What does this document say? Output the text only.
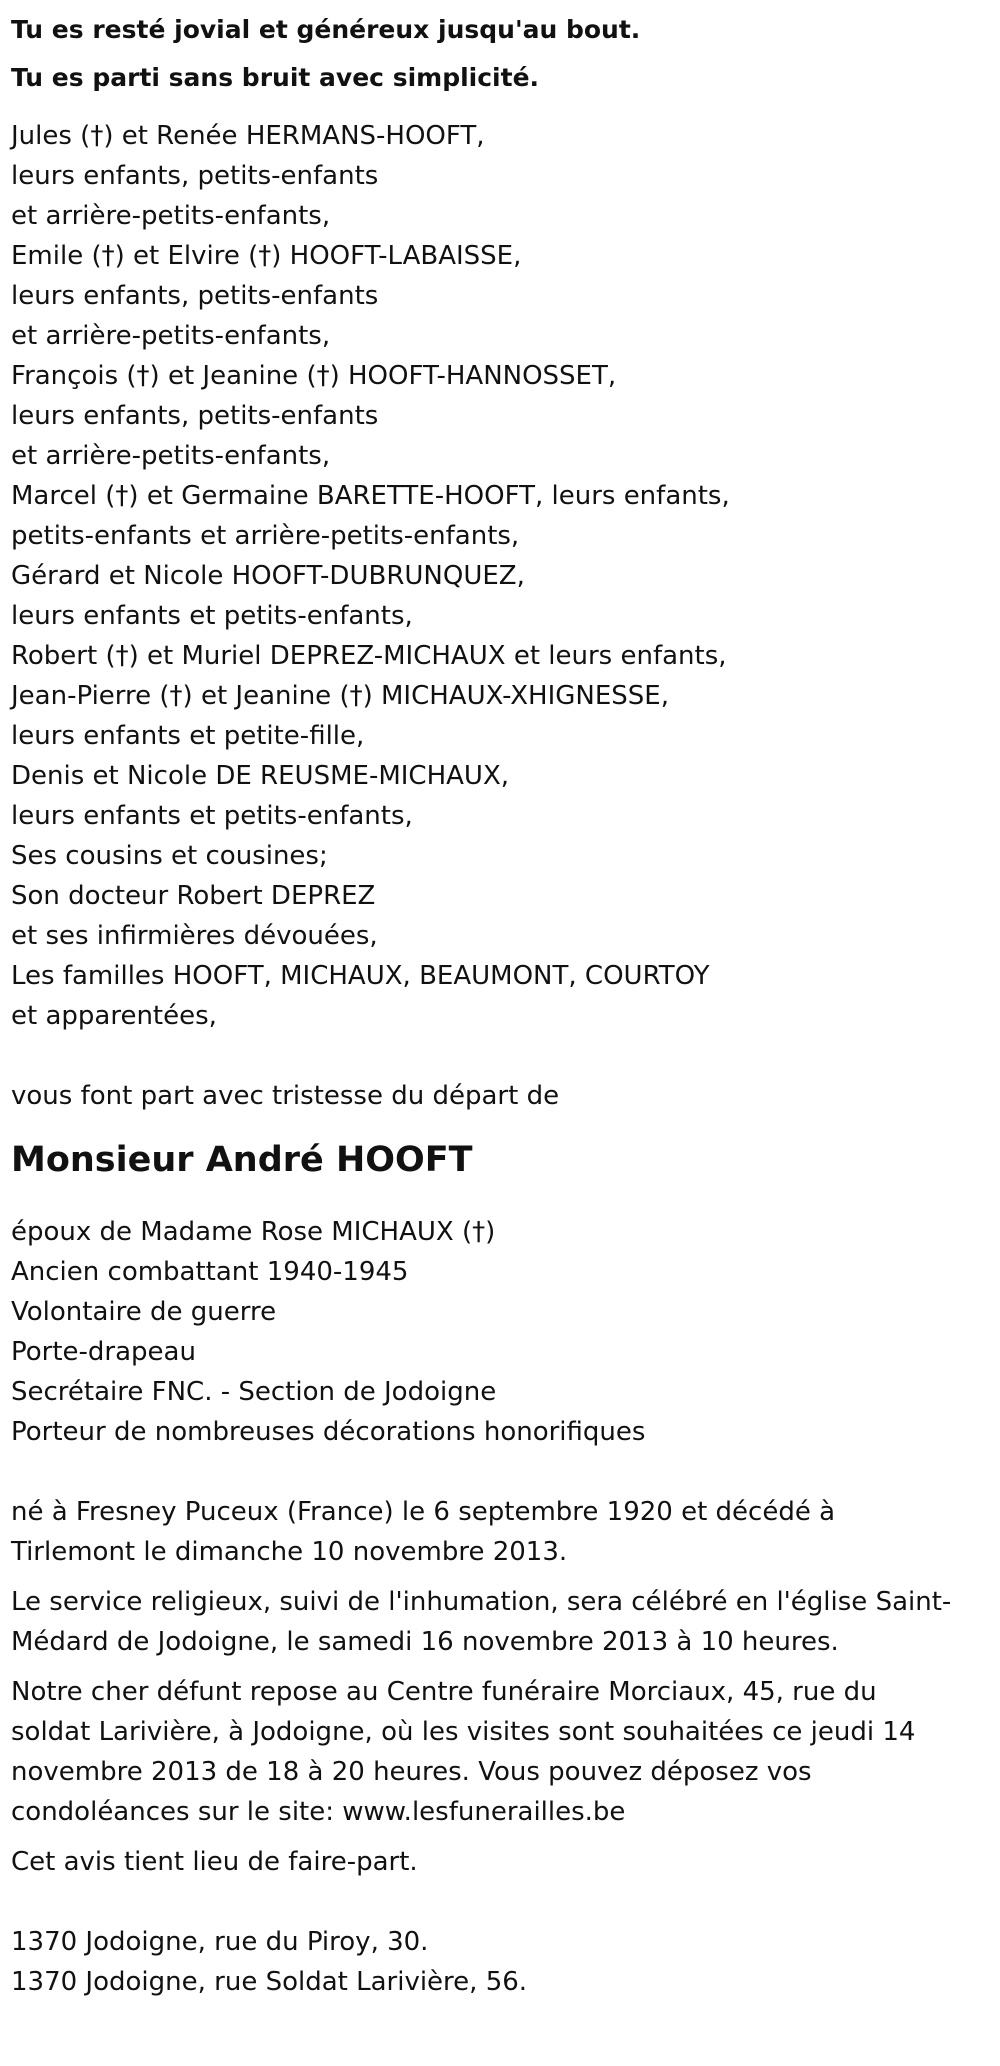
Tu es resté jovial et généreux jusqu'au bout.

Tu es parti sans bruit avec simplicité.

Jules (†) et Renée HERMANS-HOOFT,

leurs enfants, petits-enfants

et arrière-petits-enfants,

Emile (†) et Elvire (†) HOOFT-LABAISSE,

leurs enfants, petits-enfants

et arrière-petits-enfants,

François (†) et Jeanine (†) HOOFT-HANNOSSET,

leurs enfants, petits-enfants

et arrière-petits-enfants,

Marcel (†) et Germaine BARETTE-HOOFT, leurs enfants,

petits-enfants et arrière-petits-enfants,

Gérard et Nicole HOOFT-DUBRUNQUEZ,

leurs enfants et petits-enfants,

Robert (†) et Muriel DEPREZ-MICHAUX et leurs enfants,

Jean-Pierre (†) et Jeanine (†) MICHAUX-XHIGNESSE,

leurs enfants et petite-fille,

Denis et Nicole DE REUSME-MICHAUX,

leurs enfants et petits-enfants,

Ses cousins et cousines;

Son docteur Robert DEPREZ

et ses infirmières dévouées,

Les familles HOOFT, MICHAUX, BEAUMONT, COURTOY

et apparentées,

vous font part avec tristesse du départ de

Monsieur André HOOFT

époux de Madame Rose MICHAUX (†)

Ancien combattant 1940-1945

Volontaire de guerre

Porte-drapeau

Secrétaire FNC. - Section de Jodoigne

Porteur de nombreuses décorations honorifiques

né à Fresney Puceux (France) le 6 septembre 1920 et décédé à
Tirlemont le dimanche 10 novembre 2013.
Le service religieux, suivi de l'inhumation, sera célébré en l'église Saint-
Médard de Jodoigne, le samedi 16 novembre 2013 à 10 heures.
Notre cher défunt repose au Centre funéraire Morciaux, 45, rue du
soldat Larivière, à Jodoigne, où les visites sont souhaitées ce jeudi 14
novembre 2013 de 18 à 20 heures. Vous pouvez déposez vos
condoléances sur le site: www.lesfunerailles.be

Cet avis tient lieu de faire-part.

1370 Jodoigne, rue du Piroy, 30.

1370 Jodoigne, rue Soldat Larivière, 56.
